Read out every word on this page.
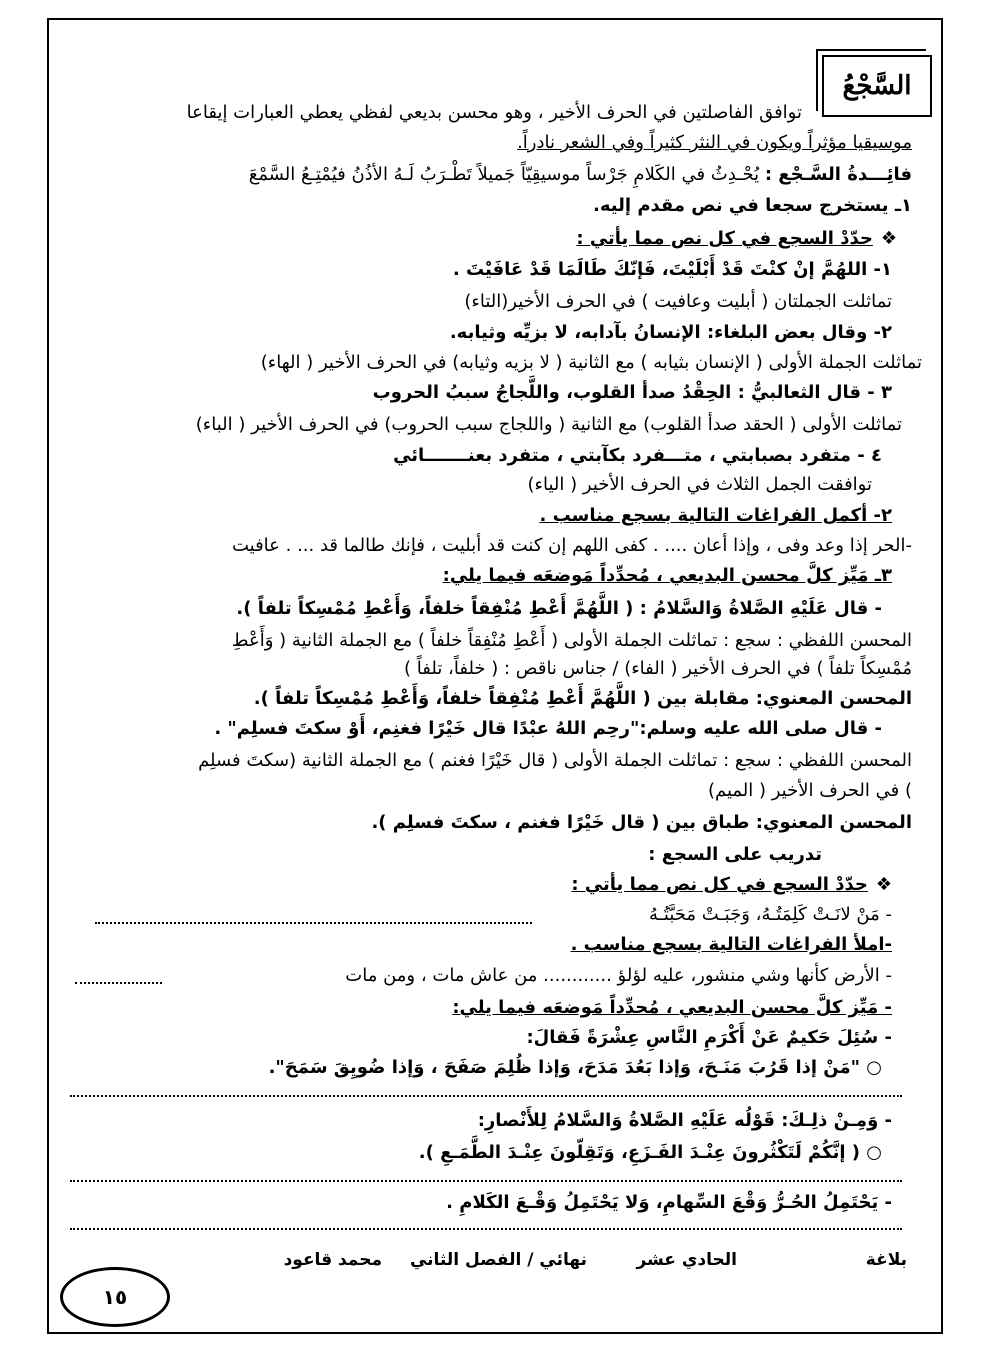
السَّجْعُ
توافق الفاصلتين في الحرف الأخير ، وهو محسن بديعي لفظي يعطي العبارات إيقاعا
موسيقيا مؤثراً ويكون في النثر كثيراً وفي الشعر نادراً.
فائِـــدةُ السَّـجْع : يُحْـدِثُ في الكَلامِ جَرْساً موسيقِيّاً جَميلاً تَطْـرَبُ لَـهُ الأذُنُ فيُمْتِـعُ السَّمْعَ
١ـ يستخرج سجعا في نص مقدم إليه.
❖حدّدْ السجع في كل نص مما يأتي :
١- اللهُمَّ إنْ كنْتَ قَدْ أَبْلَيْتَ، فَإنّكَ طَالَمَا قَدْ عَافَيْتَ .
تماثلت الجملتان ( أبليت وعافيت ) في الحرف الأخير(التاء)
٢- وقال بعض البلغاء: الإنسانُ بآدابه، لا بزيِّه وثيابه.
تماثلت الجملة الأولى ( الإنسان بثيابه ) مع الثانية ( لا بزيه وثيابه) في الحرف الأخير ( الهاء)
٣ - قال الثعالبيُّ : الحِقْدُ صدأ القلوب، واللَّجاجُ سببُ الحروب
تماثلت الأولى ( الحقد صدأ القلوب) مع الثانية ( واللجاج سبب الحروب) في الحرف الأخير ( الباء)
٤ - متفرد بصبابتي ، متـــفرد بكآبتي ، متفرد بعنـــــــائي
توافقت الجمل الثلاث في الحرف الأخير ( الياء)
٢- أكمل الفراغات التالية بسجع مناسب .
-الحر إذا وعد وفى ، وإذا أعان .... . كفى اللهم إن كنت قد أبليت ، فإنك طالما قد ... . عافيت
٣ـ مَيِّز كلَّ محسن البديعي ، مُحدِّداً مَوضعَه فيما يلي:
- قال عَلَيْهِ الصَّلاةُ وَالسَّلامُ : ( اللَّهُمَّ أَعْطِ مُنْفِقاً خلفاً، وَأَعْطِ مُمْسِكاً تلفاً ).
المحسن اللفظي : سجع : تماثلت الجملة الأولى ( أَعْطِ مُنْفِقاً خلفاً ) مع الجملة الثانية ( وَأَعْطِ
مُمْسِكاً تلفاً ) في الحرف الأخير ( الفاء) / جناس ناقص : ( خلفاً، تلفاً )
المحسن المعنوي: مقابلة بين ( اللَّهُمَّ أَعْطِ مُنْفِقاً خلفاً، وَأَعْطِ مُمْسِكاً تلفاً ).
- قال صلى الله عليه وسلم:"رحِم اللهُ عبْدًا قال خَيْرًا فغنِم، أَوْ سكتَ فسلِم" .
المحسن اللفظي : سجع : تماثلت الجملة الأولى ( قال خَيْرًا فغنم ) مع الجملة الثانية (سكتَ فسلِم
) في الحرف الأخير ( الميم)
المحسن المعنوي: طباق بين ( قال خَيْرًا فغنم ، سكتَ فسلِم ).
تدريب على السجع :
❖حدّدْ السجع في كل نص مما يأتي :
- مَنْ لانَـتْ كَلِمَتُـهُ، وَجَبَـتْ مَحَبَّتُـهُ
-املأ الفراغات التالية بسجع مناسب .
- الأرض كأنها وشي منشور، عليه لؤلؤ ............ من عاش مات ، ومن مات
- مَيِّز كلَّ محسن البديعي ، مُحدِّداً مَوضعَه فيما يلي:
- سُئِلَ حَكيمٌ عَنْ أَكْرَمِ النَّاسِ عِشْرَةً فَقالَ:
○ "مَنْ إذا قَرُبَ مَنَـحَ، وَإذا بَعُدَ مَدَحَ، وَإذا ظُلِمَ صَفَحَ ، وَإذا ضُويِقَ سَمَحَ".
- وَمِـنْ ذلِـكَ: قَوْلُه عَلَيْهِ الصَّلاةُ وَالسَّلامُ لِلأَنْصارِ:
○ ( إنَّكُمْ لَتَكْثُرونَ عِنْـدَ الفَـزَعِ، وَتَقِلّونَ عِنْـدَ الطَّمَـعِ ).
- يَحْتَمِلُ الحُـرُّ وَقْعَ السِّهامِ، وَلا يَحْتَمِلُ وَقْـعَ الكَلامِ .
بلاغة
الحادي عشر
نهائي / الفصل الثاني
محمد قاعود
١٥
